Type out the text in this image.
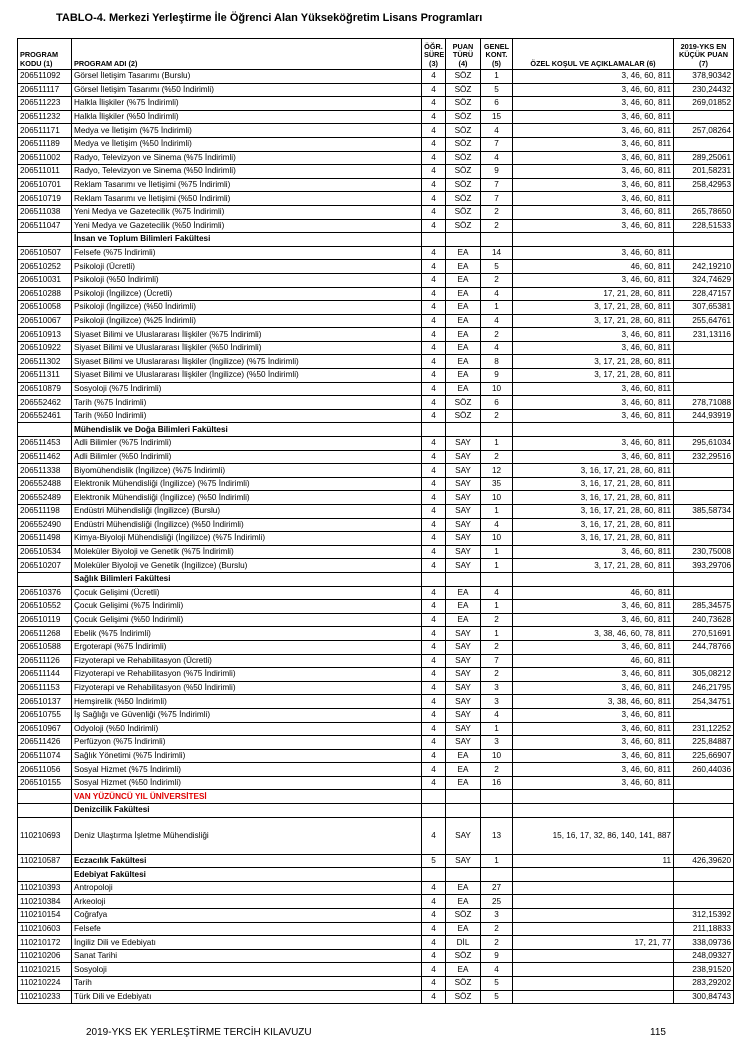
TABLO-4. Merkezi Yerleştirme İle Öğrenci Alan Yükseköğretim Lisans Programları
PROGRAM KODU (1)	PROGRAM ADI (2)	ÖĞR. SÜRE (3)	PUAN TÜRÜ (4)	GENEL KONT. (5)	ÖZEL KOŞUL VE AÇIKLAMALAR (6)	2019-YKS EN KÜÇÜK PUAN (7)
206511092	Görsel İletişim Tasarımı (Burslu)	4	SÖZ	1	3, 46, 60, 811	378,90342
206511117	Görsel İletişim Tasarımı (%50 İndirimli)	4	SÖZ	5	3, 46, 60, 811	230,24432
206511223	Halkla İlişkiler (%75 İndirimli)	4	SÖZ	6	3, 46, 60, 811	269,01852
206511232	Halkla İlişkiler (%50 İndirimli)	4	SÖZ	15	3, 46, 60, 811	
206511171	Medya ve İletişim (%75 İndirimli)	4	SÖZ	4	3, 46, 60, 811	257,08264
206511189	Medya ve İletişim (%50 İndirimli)	4	SÖZ	7	3, 46, 60, 811	
206511002	Radyo, Televizyon ve Sinema (%75 İndirimli)	4	SÖZ	4	3, 46, 60, 811	289,25061
206511011	Radyo, Televizyon ve Sinema (%50 İndirimli)	4	SÖZ	9	3, 46, 60, 811	201,58231
206510701	Reklam Tasarımı ve İletişimi (%75 İndirimli)	4	SÖZ	7	3, 46, 60, 811	258,42953
206510719	Reklam Tasarımı ve İletişimi (%50 İndirimli)	4	SÖZ	7	3, 46, 60, 811	
206511038	Yeni Medya ve Gazetecilik (%75 İndirimli)	4	SÖZ	2	3, 46, 60, 811	265,78650
206511047	Yeni Medya ve Gazetecilik (%50 İndirimli)	4	SÖZ	2	3, 46, 60, 811	228,51533
	İnsan ve Toplum Bilimleri Fakültesi					
206510507	Felsefe (%75 İndirimli)	4	EA	14	3, 46, 60, 811	
206510252	Psikoloji (Ücretli)	4	EA	5	46, 60, 811	242,19210
206510031	Psikoloji (%50 İndirimli)	4	EA	2	3, 46, 60, 811	324,74629
206510288	Psikoloji (İngilizce) (Ücretli)	4	EA	4	17, 21, 28, 60, 811	228,47157
206510058	Psikoloji (İngilizce) (%50 İndirimli)	4	EA	1	3, 17, 21, 28, 60, 811	307,65381
206510067	Psikoloji (İngilizce) (%25 İndirimli)	4	EA	4	3, 17, 21, 28, 60, 811	255,64761
206510913	Siyaset Bilimi ve Uluslararası İlişkiler (%75 İndirimli)	4	EA	2	3, 46, 60, 811	231,13116
206510922	Siyaset Bilimi ve Uluslararası İlişkiler (%50 İndirimli)	4	EA	4	3, 46, 60, 811	
206511302	Siyaset Bilimi ve Uluslararası İlişkiler (İngilizce) (%75 İndirimli)	4	EA	8	3, 17, 21, 28, 60, 811	
206511311	Siyaset Bilimi ve Uluslararası İlişkiler (İngilizce) (%50 İndirimli)	4	EA	9	3, 17, 21, 28, 60, 811	
206510879	Sosyoloji (%75 İndirimli)	4	EA	10	3, 46, 60, 811	
206552462	Tarih (%75 İndirimli)	4	SÖZ	6	3, 46, 60, 811	278,71088
206552461	Tarih (%50 İndirimli)	4	SÖZ	2	3, 46, 60, 811	244,93919
	Mühendislik ve Doğa Bilimleri Fakültesi					
206511453	Adli Bilimler (%75 İndirimli)	4	SAY	1	3, 46, 60, 811	295,61034
206511462	Adli Bilimler (%50 İndirimli)	4	SAY	2	3, 46, 60, 811	232,29516
206511338	Biyomühendislik (İngilizce) (%75 İndirimli)	4	SAY	12	3, 16, 17, 21, 28, 60, 811	
206552488	Elektronik Mühendisliği (İngilizce) (%75 İndirimli)	4	SAY	35	3, 16, 17, 21, 28, 60, 811	
206552489	Elektronik Mühendisliği (İngilizce) (%50 İndirimli)	4	SAY	10	3, 16, 17, 21, 28, 60, 811	
206511198	Endüstri Mühendisliği (İngilizce) (Burslu)	4	SAY	1	3, 16, 17, 21, 28, 60, 811	385,58734
206552490	Endüstri Mühendisliği (İngilizce) (%50 İndirimli)	4	SAY	4	3, 16, 17, 21, 28, 60, 811	
206511498	Kimya-Biyoloji Mühendisliği (İngilizce) (%75 İndirimli)	4	SAY	10	3, 16, 17, 21, 28, 60, 811	
206510534	Moleküler Biyoloji ve Genetik (%75 İndirimli)	4	SAY	1	3, 46, 60, 811	230,75008
206510207	Moleküler Biyoloji ve Genetik (İngilizce) (Burslu)	4	SAY	1	3, 17, 21, 28, 60, 811	393,29706
	Sağlık Bilimleri Fakültesi					
206510376	Çocuk Gelişimi (Ücretli)	4	EA	4	46, 60, 811	
206510552	Çocuk Gelişimi (%75 İndirimli)	4	EA	1	3, 46, 60, 811	285,34575
206510119	Çocuk Gelişimi (%50 İndirimli)	4	EA	2	3, 46, 60, 811	240,73628
206511268	Ebelik (%75 İndirimli)	4	SAY	1	3, 38, 46, 60, 78, 811	270,51691
206510588	Ergoterapi (%75 İndirimli)	4	SAY	2	3, 46, 60, 811	244,78766
206511126	Fizyoterapi ve Rehabilitasyon (Ücretli)	4	SAY	7	46, 60, 811	
206511144	Fizyoterapi ve Rehabilitasyon (%75 İndirimli)	4	SAY	2	3, 46, 60, 811	305,08212
206511153	Fizyoterapi ve Rehabilitasyon (%50 İndirimli)	4	SAY	3	3, 46, 60, 811	246,21795
206510137	Hemşirelik (%50 İndirimli)	4	SAY	3	3, 38, 46, 60, 811	254,34751
206510755	İş Sağlığı ve Güvenliği (%75 İndirimli)	4	SAY	4	3, 46, 60, 811	
206510967	Odyoloji (%50 İndirimli)	4	SAY	1	3, 46, 60, 811	231,12252
206511426	Perfüzyon (%75 İndirimli)	4	SAY	3	3, 46, 60, 811	225,84887
206511074	Sağlık Yönetimi (%75 İndirimli)	4	EA	10	3, 46, 60, 811	225,66907
206511056	Sosyal Hizmet (%75 İndirimli)	4	EA	2	3, 46, 60, 811	260,44036
206510155	Sosyal Hizmet (%50 İndirimli)	4	EA	16	3, 46, 60, 811	
	VAN YÜZÜNCÜ YIL ÜNİVERSİTESİ					
	Denizcilik Fakültesi					
110210693	Deniz Ulaştırma İşletme Mühendisliği	4	SAY	13	15, 16, 17, 32, 86, 140, 141, 887	
110210587	Eczacılık Fakültesi	5	SAY	1	11	426,39620
	Edebiyat Fakültesi					
110210393	Antropoloji	4	EA	27		
110210384	Arkeoloji	4	EA	25		
110210154	Coğrafya	4	SÖZ	3		312,15392
110210603	Felsefe	4	EA	2		211,18833
110210172	İngiliz Dili ve Edebiyatı	4	DİL	2	17, 21, 77	338,09736
110210206	Sanat Tarihi	4	SÖZ	9		248,09327
110210215	Sosyoloji	4	EA	4		238,91520
110210224	Tarih	4	SÖZ	5		283,29202
110210233	Türk Dili ve Edebiyatı	4	SÖZ	5		300,84743
2019-YKS EK YERLEŞTİRME TERCİH KILAVUZU	115
